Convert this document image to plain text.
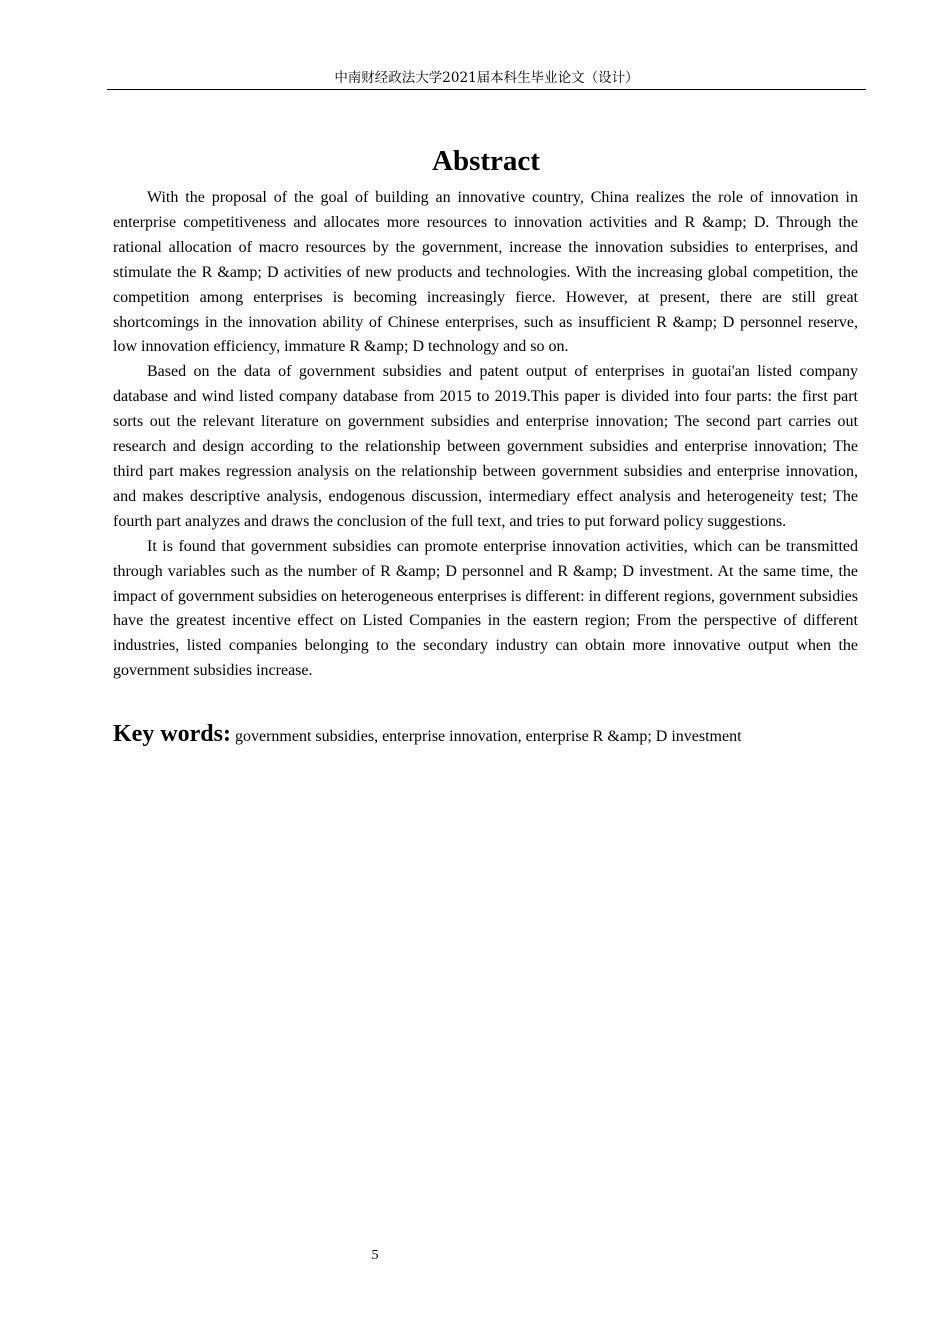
中南财经政法大学2021届本科生毕业论文（设计）
Abstract

With the proposal of the goal of building an innovative country, China realizes the role of innovation in enterprise competitiveness and allocates more resources to innovation activities and R &amp; D. Through the rational allocation of macro resources by the government, increase the innovation subsidies to enterprises, and stimulate the R &amp; D activities of new products and technologies. With the increasing global competition, the competition among enterprises is becoming increasingly fierce. However, at present, there are still great shortcomings in the innovation ability of Chinese enterprises, such as insufficient R &amp; D personnel reserve, low innovation efficiency, immature R &amp; D technology and so on.

Based on the data of government subsidies and patent output of enterprises in guotai'an listed company database and wind listed company database from 2015 to 2019.This paper is divided into four parts: the first part sorts out the relevant literature on government subsidies and enterprise innovation; The second part carries out research and design according to the relationship between government subsidies and enterprise innovation; The third part makes regression analysis on the relationship between government subsidies and enterprise innovation, and makes descriptive analysis, endogenous discussion, intermediary effect analysis and heterogeneity test; The fourth part analyzes and draws the conclusion of the full text, and tries to put forward policy suggestions.

It is found that government subsidies can promote enterprise innovation activities, which can be transmitted through variables such as the number of R &amp; D personnel and R &amp; D investment. At the same time, the impact of government subsidies on heterogeneous enterprises is different: in different regions, government subsidies have the greatest incentive effect on Listed Companies in the eastern region; From the perspective of different industries, listed companies belonging to the secondary industry can obtain more innovative output when the government subsidies increase.

Key words: government subsidies, enterprise innovation, enterprise R &amp; D investment
5
